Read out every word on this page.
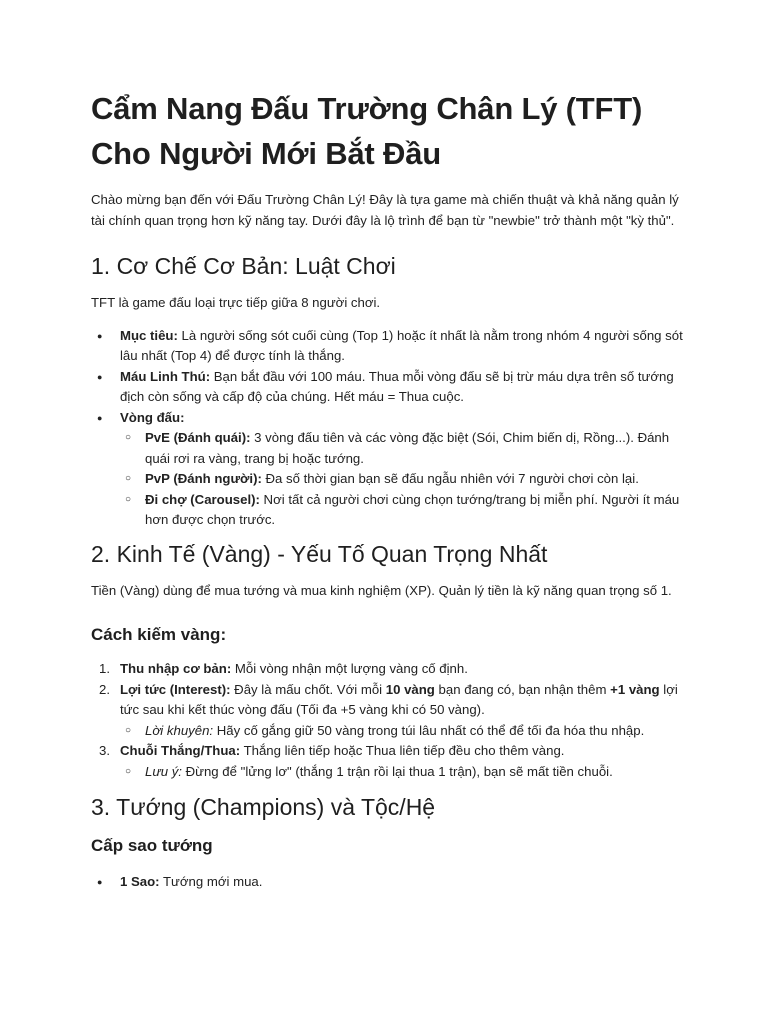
Cẩm Nang Đấu Trường Chân Lý (TFT) Cho Người Mới Bắt Đầu

Chào mừng bạn đến với Đấu Trường Chân Lý! Đây là tựa game mà chiến thuật và khả năng quản lý tài chính quan trọng hơn kỹ năng tay. Dưới đây là lộ trình để bạn từ "newbie" trở thành một "kỳ thủ".

1. Cơ Chế Cơ Bản: Luật Chơi

TFT là game đấu loại trực tiếp giữa 8 người chơi.

● Mục tiêu: Là người sống sót cuối cùng (Top 1) hoặc ít nhất là nằm trong nhóm 4 người sống sót lâu nhất (Top 4) để được tính là thắng.
● Máu Linh Thú: Bạn bắt đầu với 100 máu. Thua mỗi vòng đấu sẽ bị trừ máu dựa trên số tướng địch còn sống và cấp độ của chúng. Hết máu = Thua cuộc.
● Vòng đấu:
○ PvE (Đánh quái): 3 vòng đấu tiên và các vòng đặc biệt (Sói, Chim biến dị, Rồng...). Đánh quái rơi ra vàng, trang bị hoặc tướng.
○ PvP (Đánh người): Đa số thời gian bạn sẽ đấu ngẫu nhiên với 7 người chơi còn lại.
○ Đi chợ (Carousel): Nơi tất cả người chơi cùng chọn tướng/trang bị miễn phí. Người ít máu hơn được chọn trước.
2. Kinh Tế (Vàng) - Yếu Tố Quan Trọng Nhất

Tiền (Vàng) dùng để mua tướng và mua kinh nghiệm (XP). Quản lý tiền là kỹ năng quan trọng số 1.

Cách kiếm vàng:
1. Thu nhập cơ bản: Mỗi vòng nhận một lượng vàng cố định.
2. Lợi tức (Interest): Đây là mấu chốt. Với mỗi 10 vàng bạn đang có, bạn nhận thêm +1 vàng lợi tức sau khi kết thúc vòng đấu (Tối đa +5 vàng khi có 50 vàng).
○ Lời khuyên: Hãy cố gắng giữ 50 vàng trong túi lâu nhất có thể để tối đa hóa thu nhập.
3. Chuỗi Thắng/Thua: Thắng liên tiếp hoặc Thua liên tiếp đều cho thêm vàng.
○ Lưu ý: Đừng để "lửng lơ" (thắng 1 trận rồi lại thua 1 trận), bạn sẽ mất tiền chuỗi.
3. Tướng (Champions) và Tộc/Hệ
Cấp sao tướng
● 1 Sao: Tướng mới mua.
